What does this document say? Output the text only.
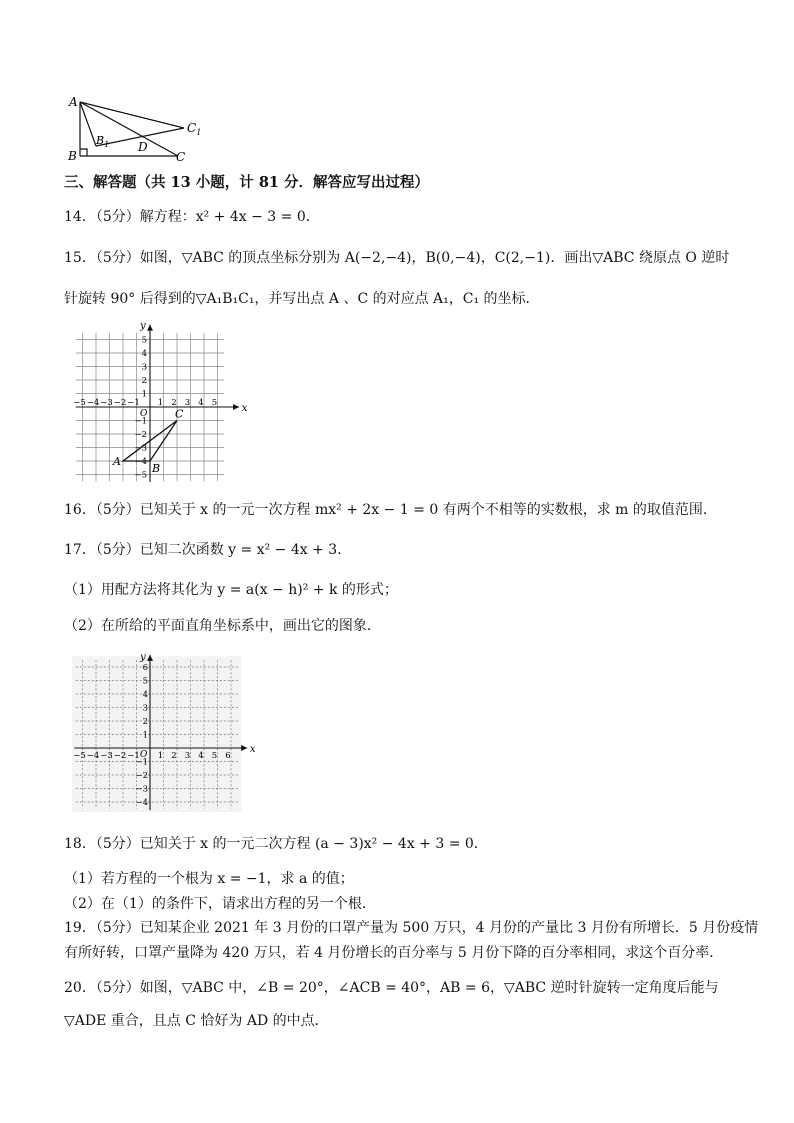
A
B
$B_1$ D
C
$C_1$
三、解答题（共 13 小题，计 81 分．解答应写出过程）
14．（5分）解方程：x² + 4x − 3 = 0．
15．（5分）如图，▽ABC 的顶点坐标分别为 A(−2,−4)，B(0,−4)，C(2,−1)．画出▽ABC 绕原点 O 逆时
针旋转 90° 后得到的▽A₁B₁C₁，并写出点 A 、C 的对应点 A₁，C₁ 的坐标．
x
y
O
−5 −4 −3 −2 −1 1 2 3 4 5
5
4
3
2
1
−1
−2
−3
−4
−5
A
B
C
16．（5分）已知关于 x 的一元一次方程 mx² + 2x − 1 = 0 有两个不相等的实数根，求 m 的取值范围．
17．（5分）已知二次函数 y = x² − 4x + 3．
（1）用配方法将其化为 y = a(x − h)² + k 的形式；
（2）在所给的平面直角坐标系中，画出它的图象．
x
y
O
−5 −4 −3 −2 −1 1 2 3 4 5 6
6
5
4
3
2
1
−1
−2
−3
−4
18．（5分）已知关于 x 的一元二次方程 (a − 3)x² − 4x + 3 = 0．
（1）若方程的一个根为 x = −1，求 a 的值；
（2）在（1）的条件下，请求出方程的另一个根．
19．（5分）已知某企业 2021 年 3 月份的口罩产量为 500 万只，4 月份的产量比 3 月份有所增长．5 月份疫情
有所好转，口罩产量降为 420 万只，若 4 月份增长的百分率与 5 月份下降的百分率相同，求这个百分率．
20．（5分）如图，▽ABC 中，∠B = 20°，∠ACB = 40°，AB = 6，▽ABC 逆时针旋转一定角度后能与
▽ADE 重合，且点 C 恰好为 AD 的中点．
